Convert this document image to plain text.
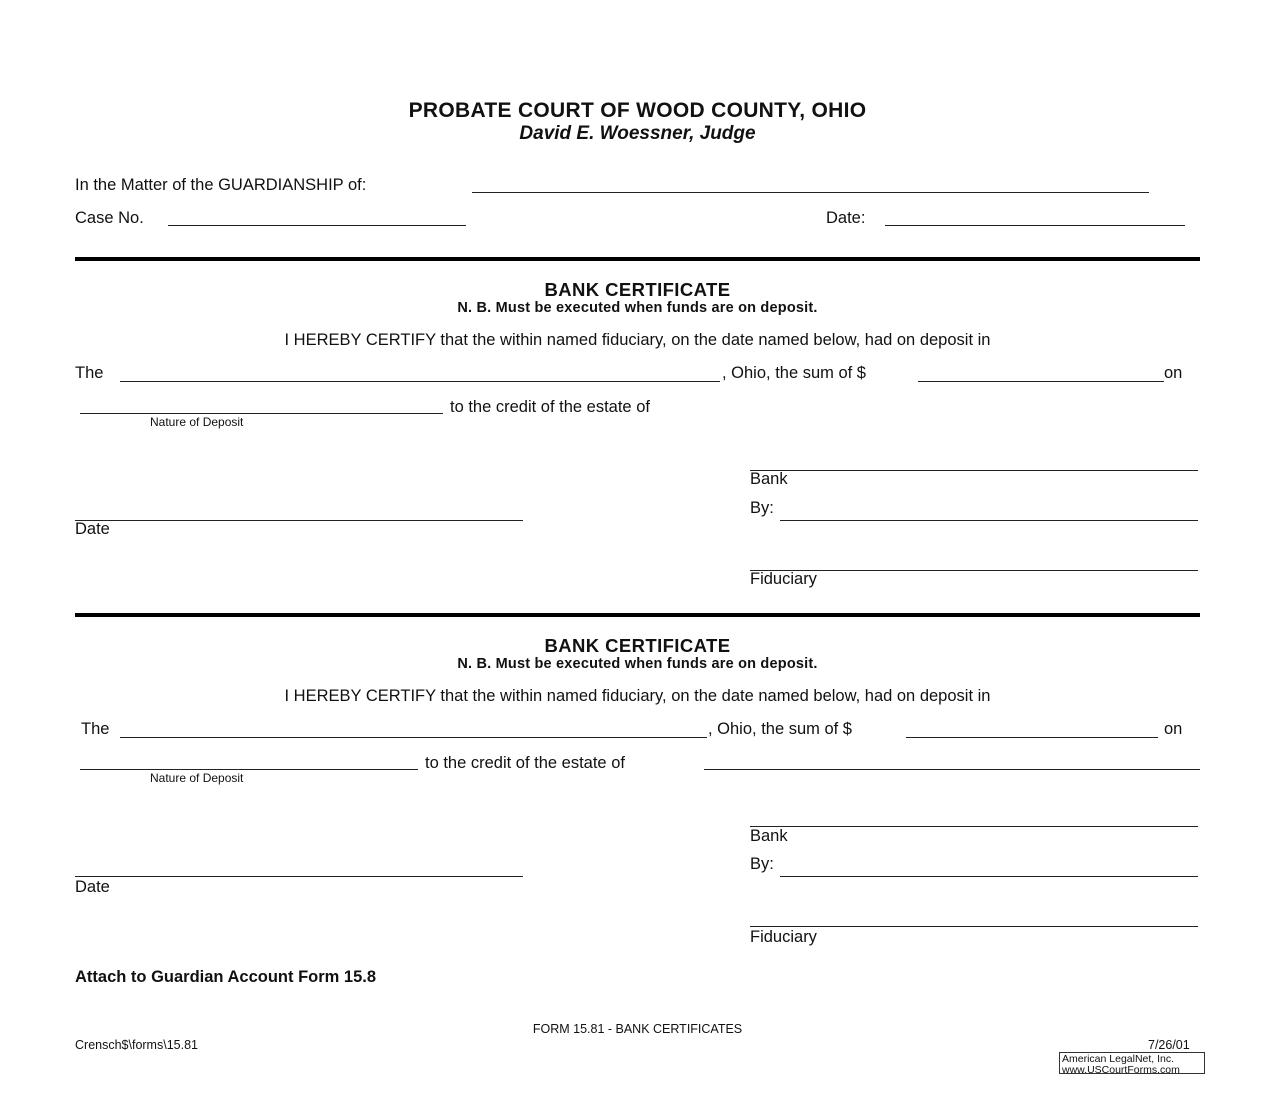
PROBATE COURT OF WOOD COUNTY, OHIO
David E. Woessner, Judge
In the Matter of the GUARDIANSHIP of:
Case No.	Date:
BANK CERTIFICATE
N. B. Must be executed when funds are on deposit.
I HEREBY CERTIFY that the within named fiduciary, on the date named below, had on deposit in
The	, Ohio, the sum of $	on
to the credit of the estate of
Nature of Deposit
Bank
By:
Date
Fiduciary
BANK CERTIFICATE
N. B. Must be executed when funds are on deposit.
I HEREBY CERTIFY that the within named fiduciary, on the date named below, had on deposit in
The	, Ohio, the sum of $	on
to the credit of the estate of
Nature of Deposit
Bank
By:
Date
Fiduciary
Attach to Guardian Account Form 15.8
FORM 15.81 - BANK CERTIFICATES
Crensch$\forms\15.81	7/26/01
American LegalNet, Inc.
www.USCourtForms.com
